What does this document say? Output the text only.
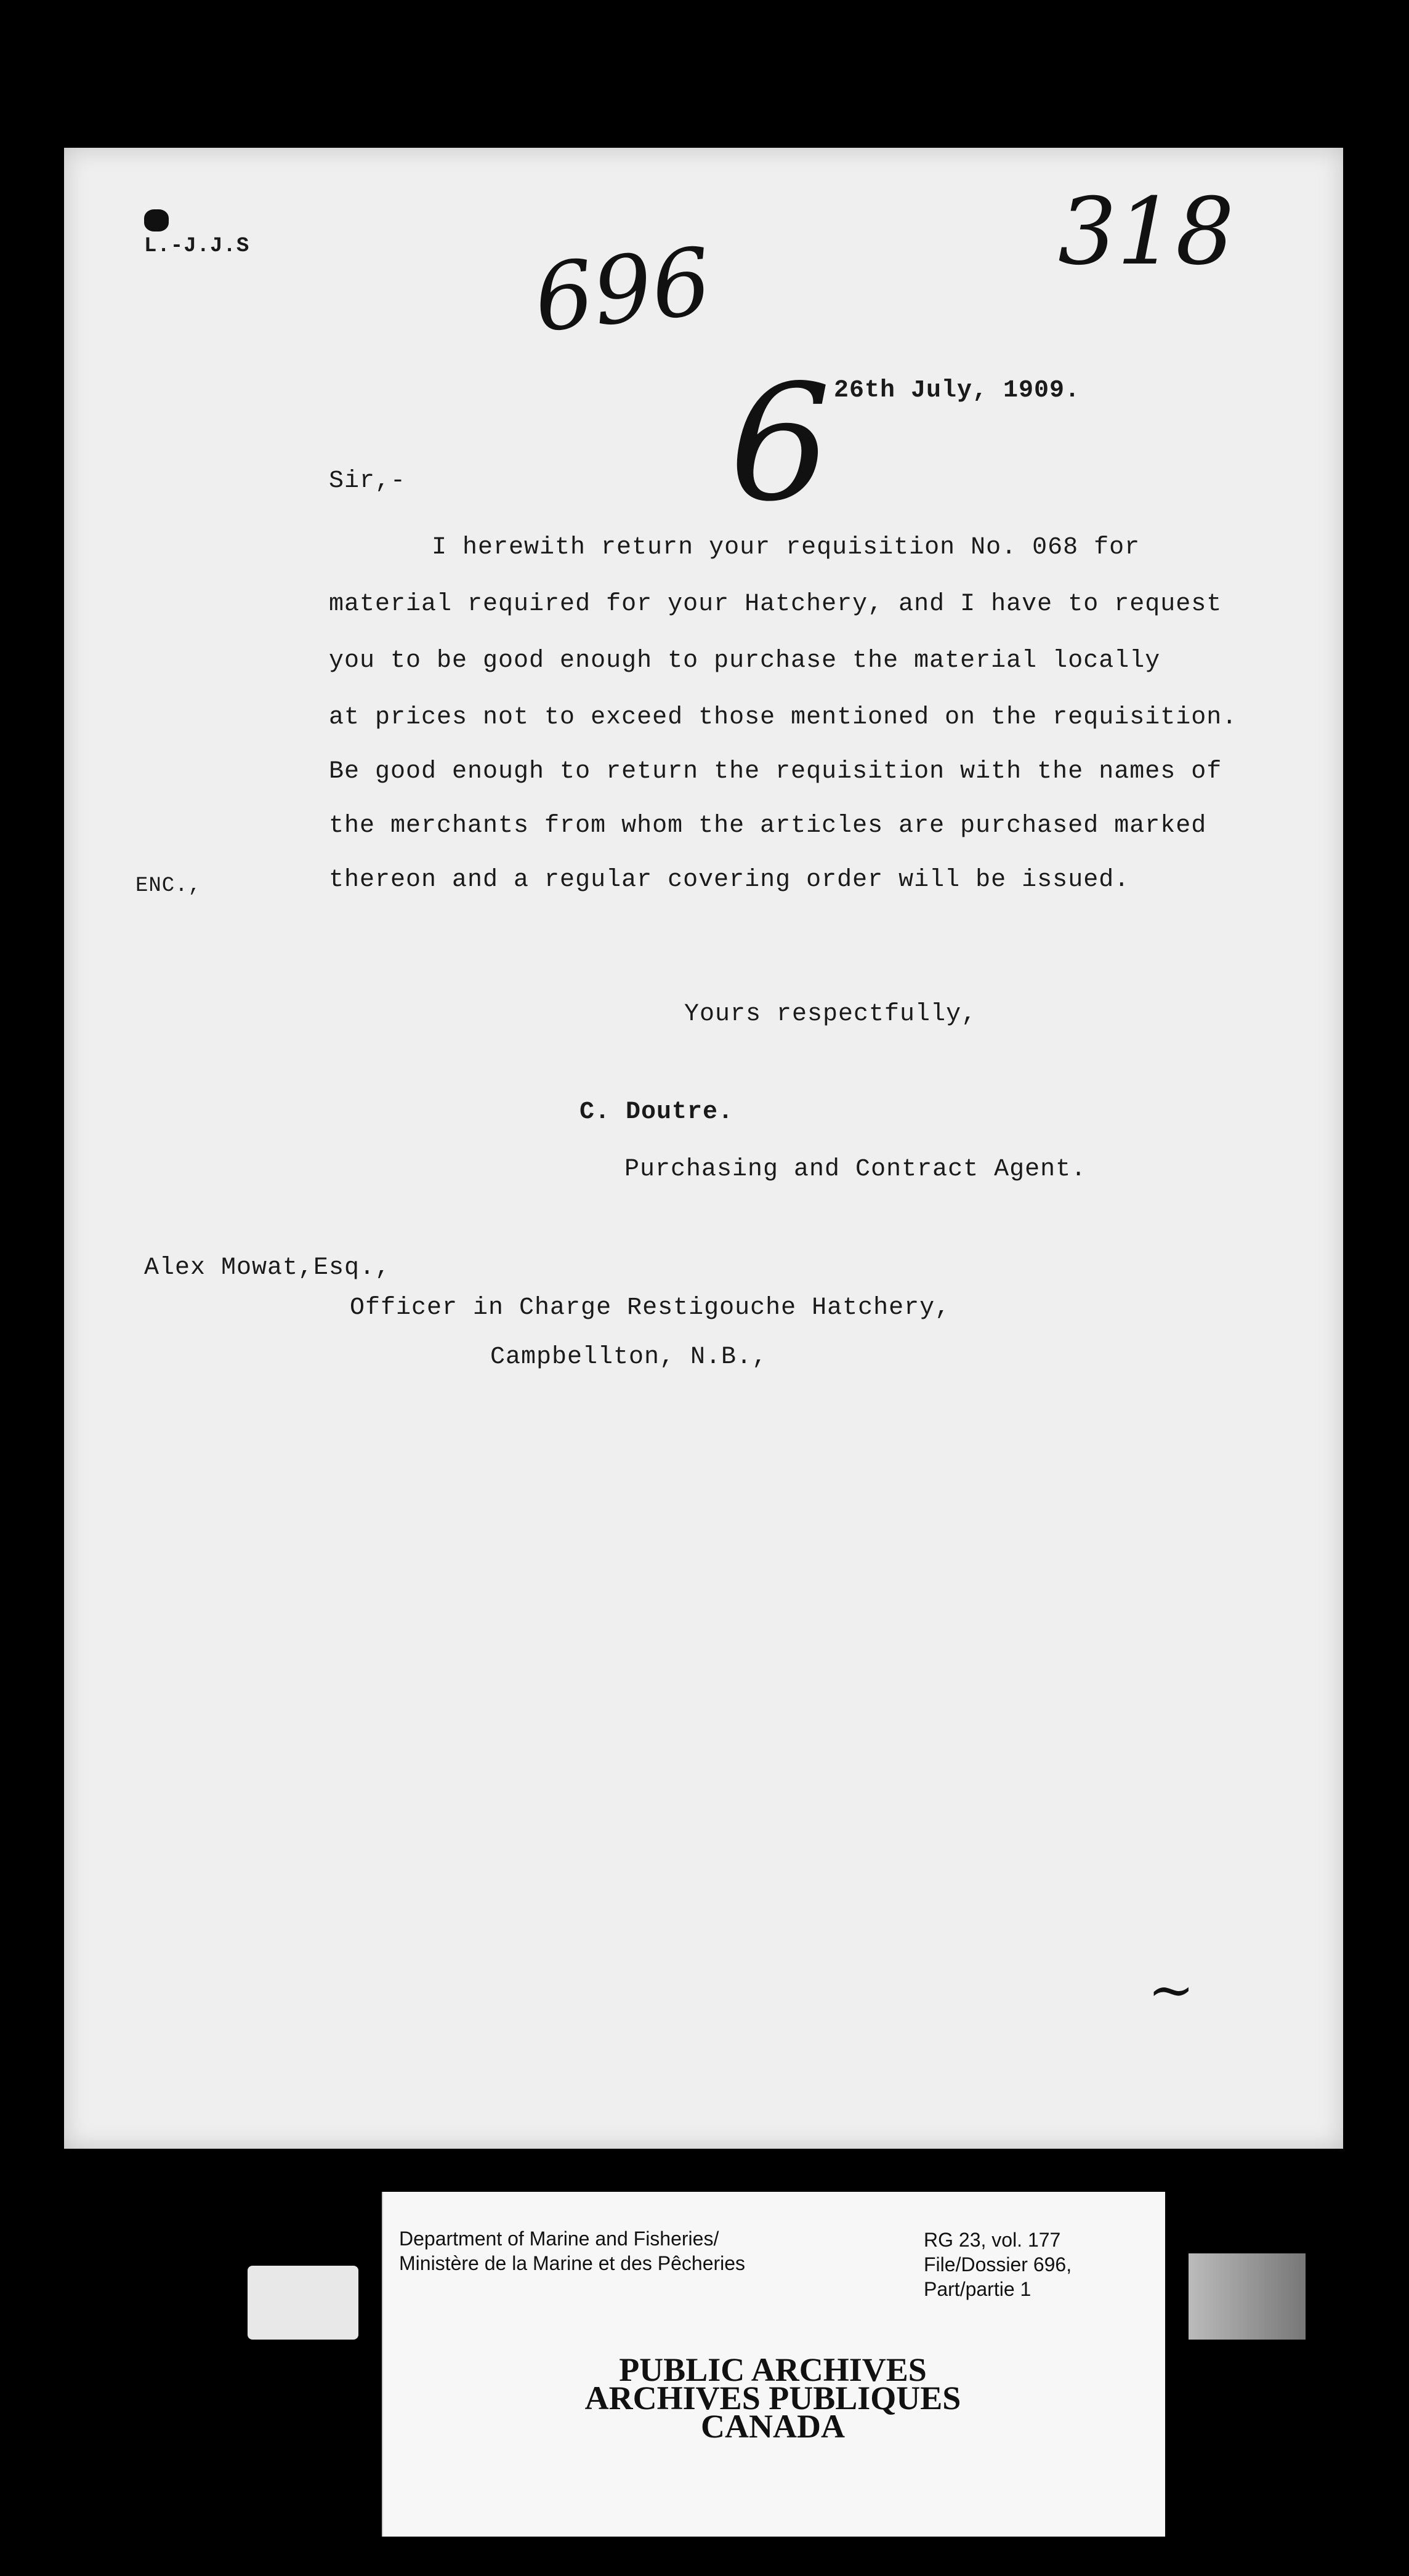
L.-J.J.S	696	318
6 26th July, 1909.
Sir,-
I herewith return your requisition No. 068 for
material required for your Hatchery, and I have to request
you to be good enough to purchase the material locally
at prices not to exceed those mentioned on the requisition.
Be good enough to return the requisition with the names of
the merchants from whom the articles are purchased marked
thereon and a regular covering order will be issued.
ENC.,
Yours respectfully,
C. Doutre.
Purchasing and Contract Agent.
Alex Mowat,Esq.,
Officer in Charge Restigouche Hatchery,
Campbellton, N.B.,
~
Department of Marine and Fisheries/
Ministère de la Marine et des Pêcheries
RG 23, vol. 177
File/Dossier 696,
Part/partie 1
PUBLIC ARCHIVES
ARCHIVES PUBLIQUES
CANADA
